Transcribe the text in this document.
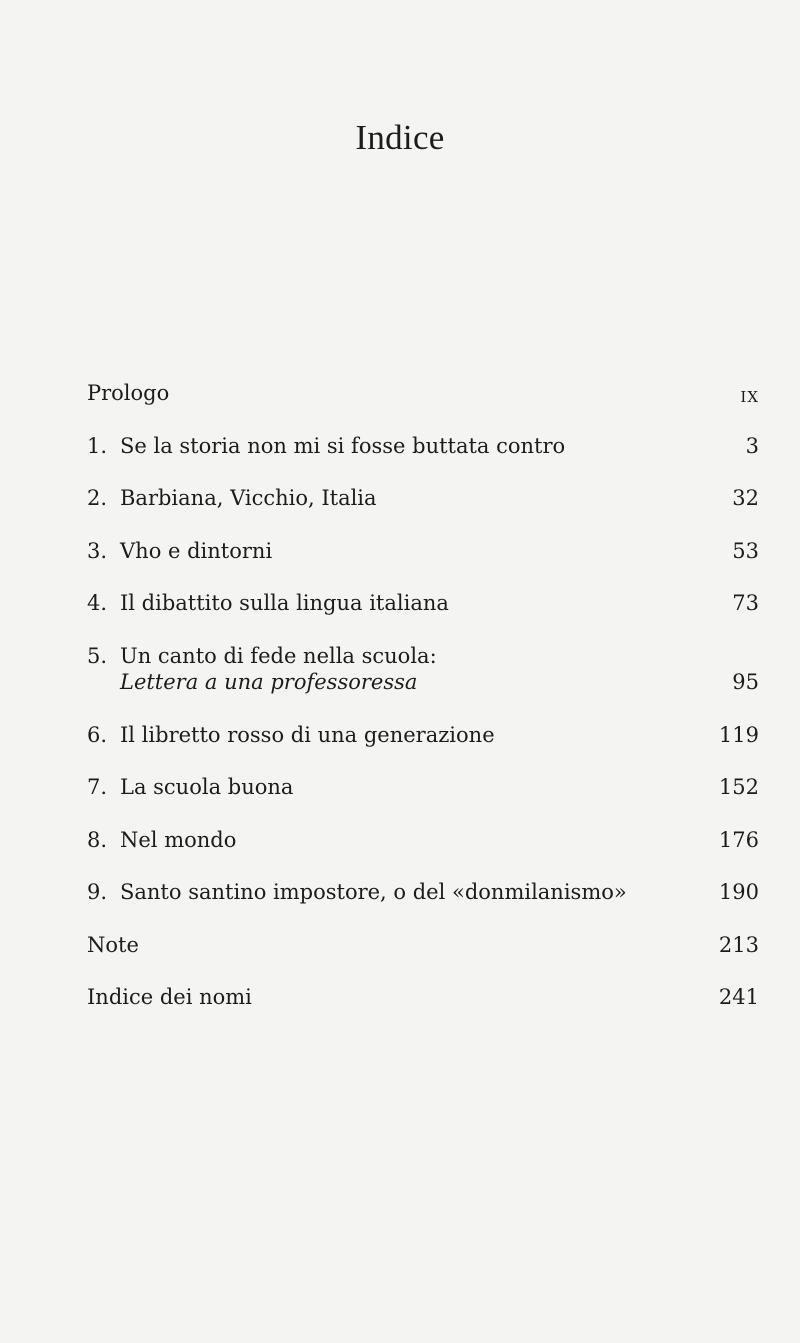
Indice
Prologo	IX
1. Se la storia non mi si fosse buttata contro	3
2. Barbiana, Vicchio, Italia	32
3. Vho e dintorni	53
4. Il dibattito sulla lingua italiana	73
5. Un canto di fede nella scuola:
Lettera a una professoressa	95
6. Il libretto rosso di una generazione	119
7. La scuola buona	152
8. Nel mondo	176
9. Santo santino impostore, o del «donmilanismo»	190
Note	213
Indice dei nomi	241
